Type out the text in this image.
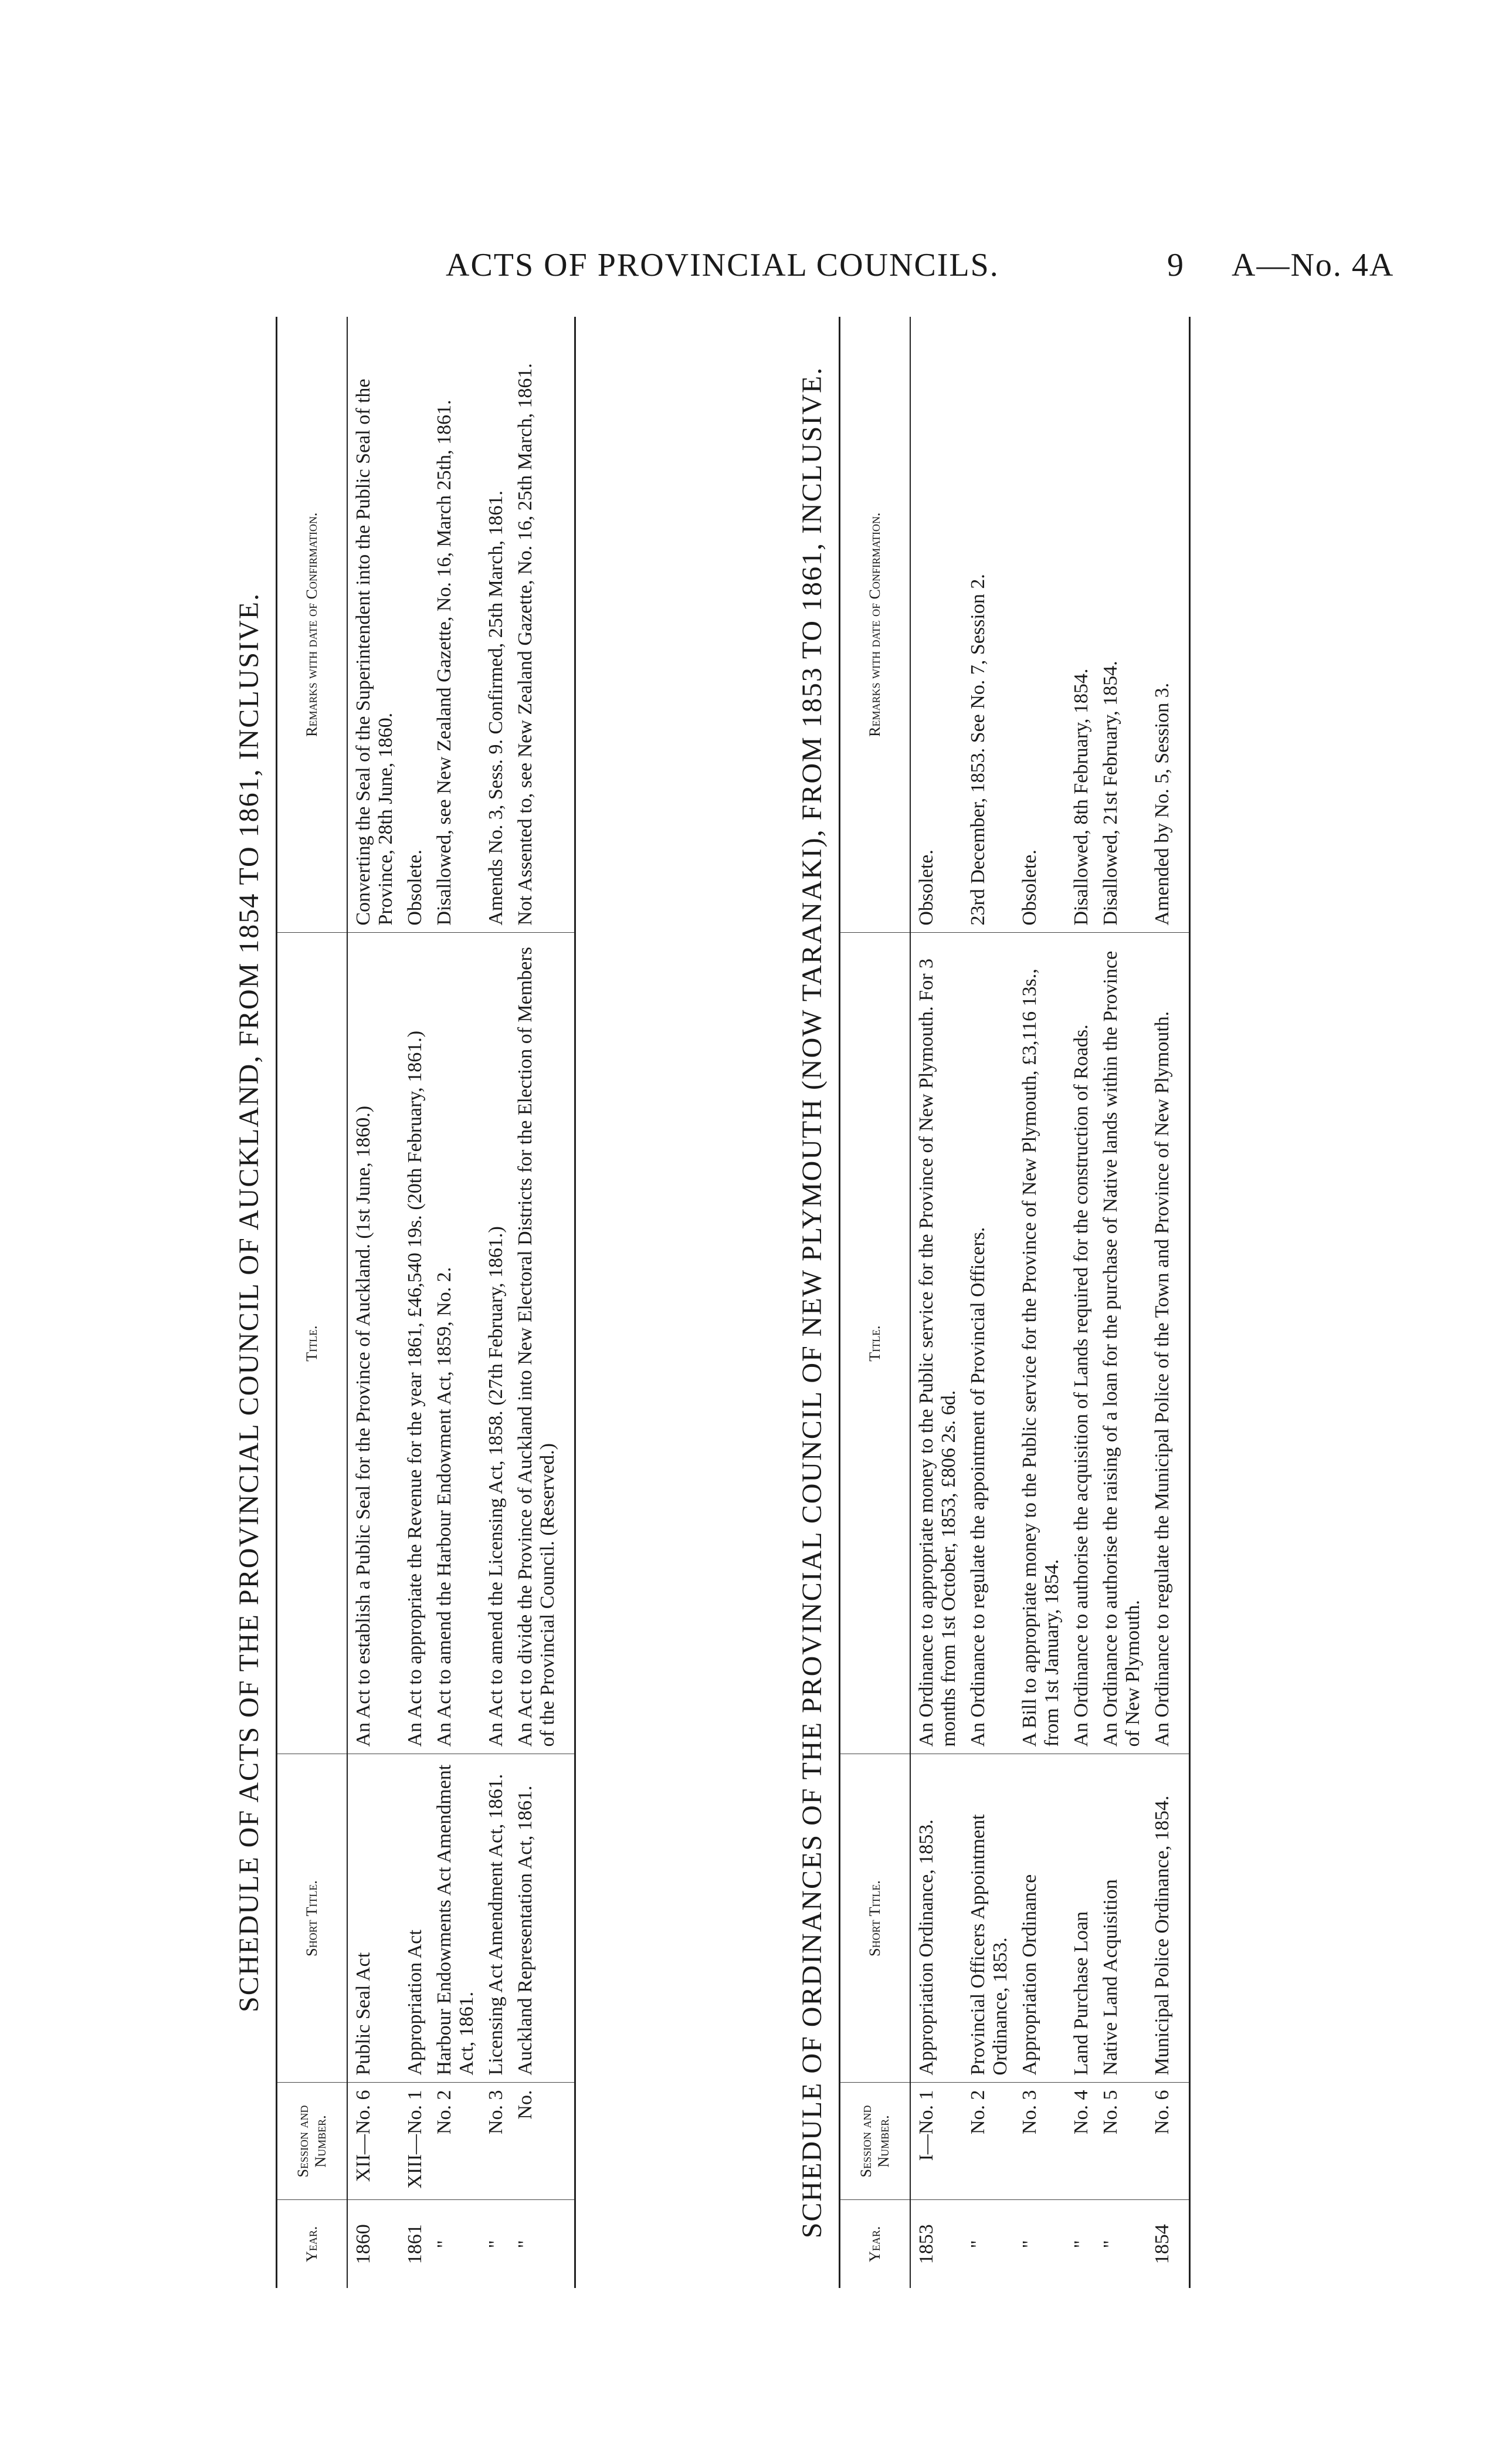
ACTS OF PROVINCIAL COUNCILS.	9 A—No. 4A
SCHEDULE OF ACTS OF THE PROVINCIAL COUNCIL OF AUCKLAND, FROM 1854 TO 1861, INCLUSIVE.
Year.	Session and Number.	Short Title.	Title.	Remarks with date of Confirmation.
1860	XII—No. 6	Public Seal Act	An Act to establish a Public Seal for the Province of Auckland. (1st June, 1860.)	Converting the Seal of the Superintendent into the Public Seal of the Province, 28th June, 1860.
1861	XIII—No. 1	Appropriation Act	An Act to appropriate the Revenue for the year 1861, £46,540 19s. (20th February, 1861.)	Obsolete.
"	No. 2	Harbour Endowments Act Amendment Act, 1861.	An Act to amend the Harbour Endowment Act, 1859, No. 2.	Disallowed, see New Zealand Gazette, No. 16, March 25th, 1861.
"	No. 3	Licensing Act Amendment Act, 1861.	An Act to amend the Licensing Act, 1858. (27th February, 1861.)	Amends No. 3, Sess. 9. Confirmed, 25th March, 1861.
"	No.	Auckland Representation Act, 1861.	An Act to divide the Province of Auckland into New Electoral Districts for the Election of Members of the Provincial Council. (Reserved.)	Not Assented to, see New Zealand Gazette, No. 16, 25th March, 1861.	SCHEDULE OF ORDINANCES OF THE PROVINCIAL COUNCIL OF NEW PLYMOUTH (NOW TARANAKI), FROM 1853 TO 1861, INCLUSIVE.
Year.	Session and Number.	Short Title.	Title.	Remarks with date of Confirmation.
1853	I—No. 1	Appropriation Ordinance, 1853.	An Ordinance to appropriate money to the Public service for the Province of New Plymouth. For 3 months from 1st October, 1853, £806 2s. 6d.	Obsolete.
"	No. 2	Provincial Officers Appointment Ordinance, 1853.	An Ordinance to regulate the appointment of Provincial Officers.	23rd December, 1853. See No. 7, Session 2.
"	No. 3	Appropriation Ordinance	A Bill to appropriate money to the Public service for the Province of New Plymouth, £3,116 13s., from 1st January, 1854.	Obsolete.
"	No. 4	Land Purchase Loan	An Ordinance to authorise the acquisition of Lands required for the construction of Roads.	Disallowed, 8th February, 1854.
"	No. 5	Native Land Acquisition	An Ordinance to authorise the raising of a loan for the purchase of Native lands within the Province of New Plymouth.	Disallowed, 21st February, 1854.
1854	No. 6	Municipal Police Ordinance, 1854.	An Ordinance to regulate the Municipal Police of the Town and Province of New Plymouth.	Amended by No. 5, Session 3.
